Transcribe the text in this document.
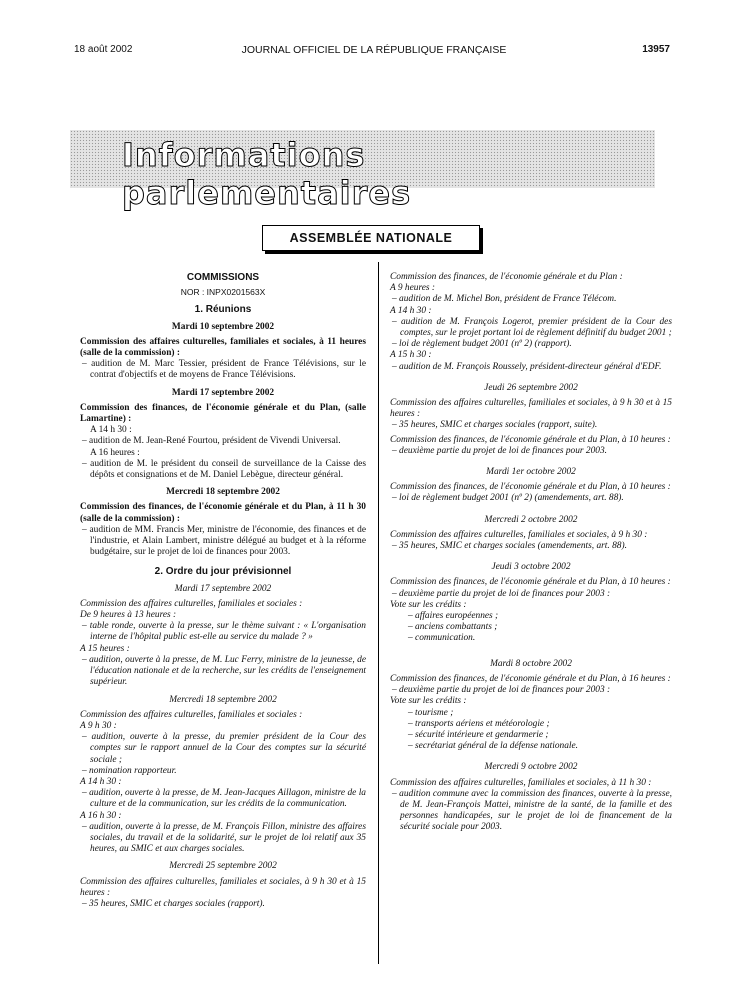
18 août 2002	JOURNAL OFFICIEL DE LA RÉPUBLIQUE FRANÇAISE	13957
Informations parlementaires
ASSEMBLÉE NATIONALE
COMMISSIONS
NOR : INPX0201563X
1. Réunions
Mardi 10 septembre 2002

Commission des affaires culturelles, familiales et sociales, à 11 heures (salle de la commission) :

– audition de M. Marc Tessier, président de France Télévisions, sur le contrat d'objectifs et de moyens de France Télévisions.

Mardi 17 septembre 2002

Commission des finances, de l'économie générale et du Plan, (salle Lamartine) :

A 14 h 30 :

– audition de M. Jean-René Fourtou, président de Vivendi Universal.

A 16 heures :

– audition de M. le président du conseil de surveillance de la Caisse des dépôts et consignations et de M. Daniel Lebègue, directeur général.

Mercredi 18 septembre 2002

Commission des finances, de l'économie générale et du Plan, à 11 h 30 (salle de la commission) :

– audition de MM. Francis Mer, ministre de l'économie, des finances et de l'industrie, et Alain Lambert, ministre délégué au budget et à la réforme budgétaire, sur le projet de loi de finances pour 2003.

2. Ordre du jour prévisionnel
Mardi 17 septembre 2002

Commission des affaires culturelles, familiales et sociales :

De 9 heures à 13 heures :

– table ronde, ouverte à la presse, sur le thème suivant : « L'organisation interne de l'hôpital public est-elle au service du malade ? »

A 15 heures :

– audition, ouverte à la presse, de M. Luc Ferry, ministre de la jeunesse, de l'éducation nationale et de la recherche, sur les crédits de l'enseignement supérieur.

Mercredi 18 septembre 2002

Commission des affaires culturelles, familiales et sociales :

A 9 h 30 :

– audition, ouverte à la presse, du premier président de la Cour des comptes sur le rapport annuel de la Cour des comptes sur la sécurité sociale ;

– nomination rapporteur.

A 14 h 30 :

– audition, ouverte à la presse, de M. Jean-Jacques Aillagon, ministre de la culture et de la communication, sur les crédits de la communication.

A 16 h 30 :

– audition, ouverte à la presse, de M. François Fillon, ministre des affaires sociales, du travail et de la solidarité, sur le projet de loi relatif aux 35 heures, au SMIC et aux charges sociales.

Mercredi 25 septembre 2002

Commission des affaires culturelles, familiales et sociales, à 9 h 30 et à 15 heures :

– 35 heures, SMIC et charges sociales (rapport).

Commission des finances, de l'économie générale et du Plan :

A 9 heures :

– audition de M. Michel Bon, président de France Télécom.

A 14 h 30 :

– audition de M. François Logerot, premier président de la Cour des comptes, sur le projet portant loi de règlement définitif du budget 2001 ;

– loi de règlement budget 2001 (nº 2) (rapport).

A 15 h 30 :

– audition de M. François Roussely, président-directeur général d'EDF.

Jeudi 26 septembre 2002

Commission des affaires culturelles, familiales et sociales, à 9 h 30 et à 15 heures :

– 35 heures, SMIC et charges sociales (rapport, suite).

Commission des finances, de l'économie générale et du Plan, à 10 heures :

– deuxième partie du projet de loi de finances pour 2003.

Mardi 1er octobre 2002

Commission des finances, de l'économie générale et du Plan, à 10 heures :

– loi de règlement budget 2001 (nº 2) (amendements, art. 88).

Mercredi 2 octobre 2002

Commission des affaires culturelles, familiales et sociales, à 9 h 30 :

– 35 heures, SMIC et charges sociales (amendements, art. 88).

Jeudi 3 octobre 2002

Commission des finances, de l'économie générale et du Plan, à 10 heures :

– deuxième partie du projet de loi de finances pour 2003 :

Vote sur les crédits :

– affaires européennes ;

– anciens combattants ;

– communication.

Mardi 8 octobre 2002

Commission des finances, de l'économie générale et du Plan, à 16 heures :

– deuxième partie du projet de loi de finances pour 2003 :

Vote sur les crédits :

– tourisme ;

– transports aériens et météorologie ;

– sécurité intérieure et gendarmerie ;

– secrétariat général de la défense nationale.

Mercredi 9 octobre 2002

Commission des affaires culturelles, familiales et sociales, à 11 h 30 :

– audition commune avec la commission des finances, ouverte à la presse, de M. Jean-François Mattei, ministre de la santé, de la famille et des personnes handicapées, sur le projet de loi de financement de la sécurité sociale pour 2003.
